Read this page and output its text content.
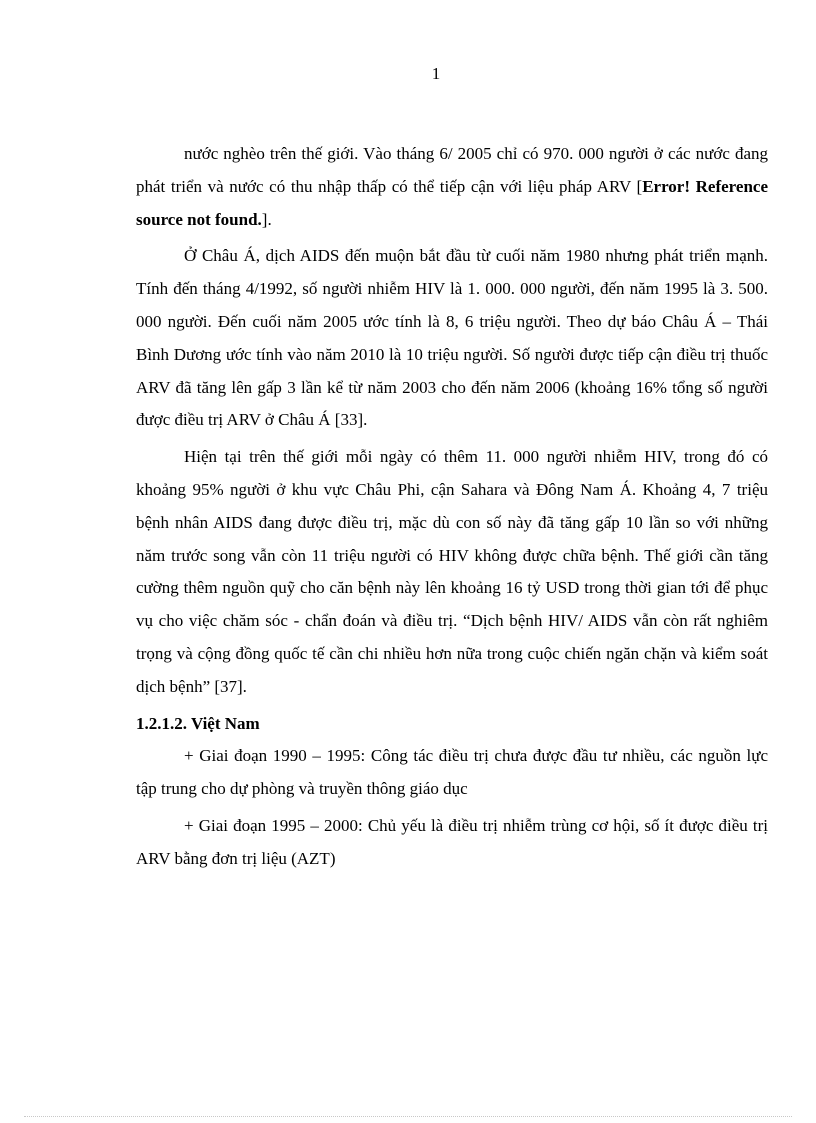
1

nước nghèo trên thế giới. Vào tháng 6/ 2005 chỉ có 970. 000 người ở các nước đang phát triển và nước có thu nhập thấp có thể tiếp cận với liệu pháp ARV [Error! Reference source not found.].

Ở Châu Á, dịch AIDS đến muộn bắt đầu từ cuối năm 1980 nhưng phát triển mạnh. Tính đến tháng 4/1992, số người nhiễm HIV là 1. 000. 000 người, đến năm 1995 là 3. 500. 000 người. Đến cuối năm 2005 ước tính là 8, 6 triệu người. Theo dự báo Châu Á – Thái Bình Dương ước tính vào năm 2010 là 10 triệu người. Số người được tiếp cận điều trị thuốc ARV đã tăng lên gấp 3 lần kể từ năm 2003 cho đến năm 2006 (khoảng 16% tổng số người được điều trị ARV ở Châu Á [33].

Hiện tại trên thế giới mỗi ngày có thêm 11. 000 người nhiễm HIV, trong đó có khoảng 95% người ở khu vực Châu Phi, cận Sahara và Đông Nam Á. Khoảng 4, 7 triệu bệnh nhân AIDS đang được điều trị, mặc dù con số này đã tăng gấp 10 lần so với những năm trước song vẫn còn 11 triệu người có HIV không được chữa bệnh. Thế giới cần tăng cường thêm nguồn quỹ cho căn bệnh này lên khoảng 16 tỷ USD trong thời gian tới để phục vụ cho việc chăm sóc - chẩn đoán và điều trị. “Dịch bệnh HIV/ AIDS vẫn còn rất nghiêm trọng và cộng đồng quốc tế cần chi nhiều hơn nữa trong cuộc chiến ngăn chặn và kiểm soát dịch bệnh” [37].

1.2.1.2. Việt Nam

+ Giai đoạn 1990 – 1995: Công tác điều trị chưa được đầu tư nhiều, các nguồn lực tập trung cho dự phòng và truyền thông giáo dục

+ Giai đoạn 1995 – 2000: Chủ yếu là điều trị nhiễm trùng cơ hội, số ít được điều trị ARV bằng đơn trị liệu (AZT)
